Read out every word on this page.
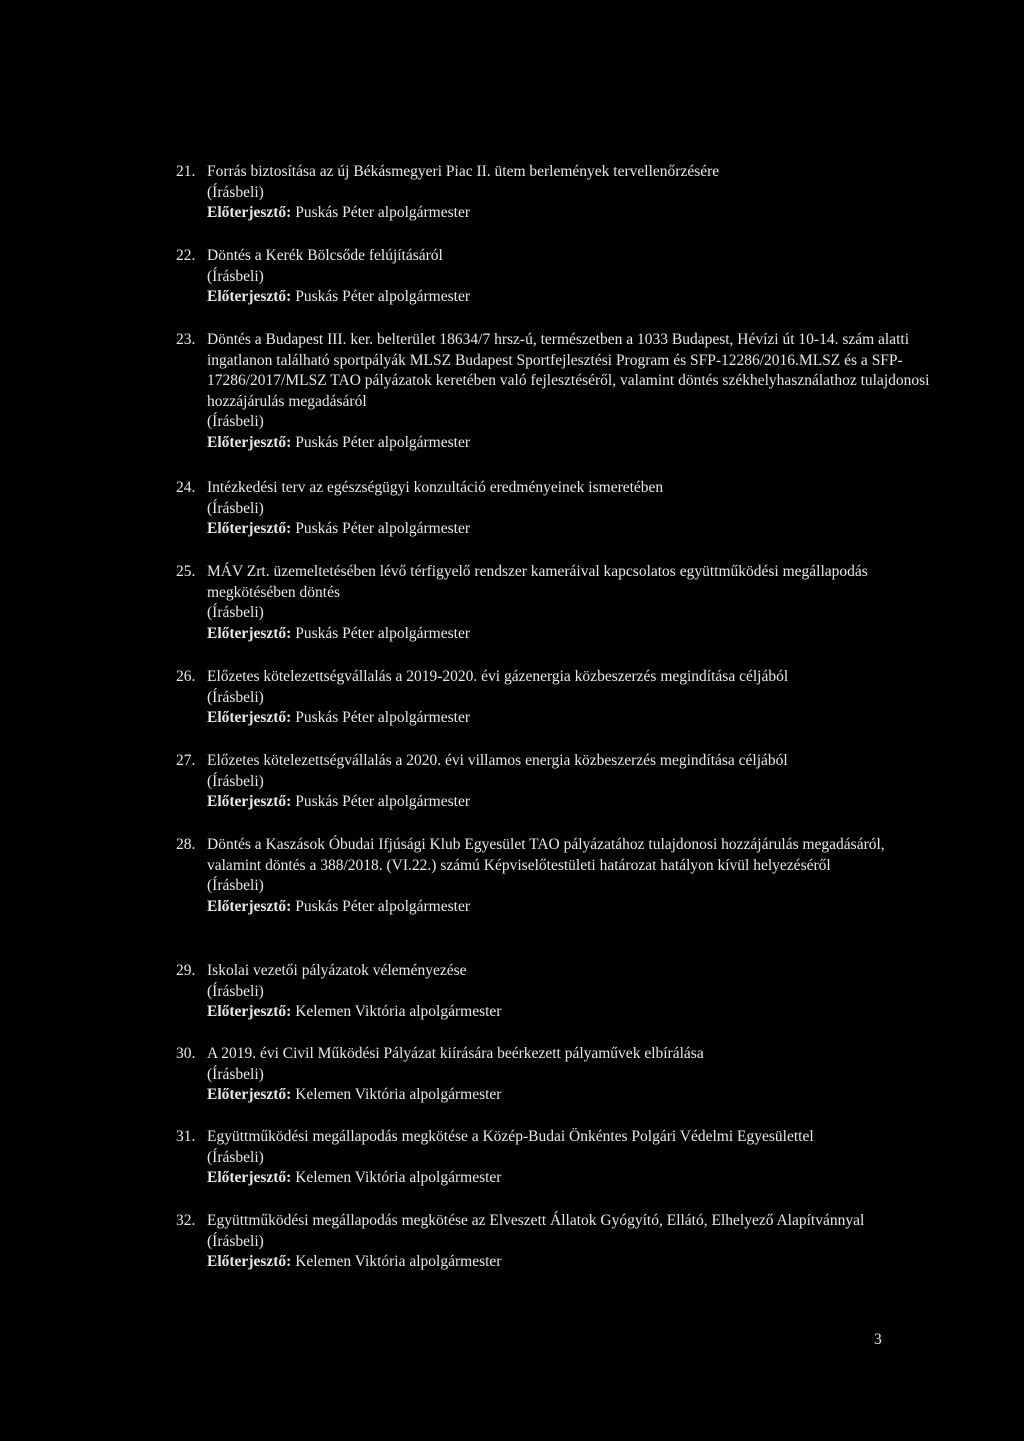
21. Forrás biztosítása az új Békásmegyeri Piac II. ütem berlemények tervellenőrzésére
(Írásbeli)
Előterjesztő: Puskás Péter alpolgármester
22. Döntés a Kerék Bölcsőde felújításáról
(Írásbeli)
Előterjesztő: Puskás Péter alpolgármester
23. Döntés a Budapest III. ker. belterület 18634/7 hrsz-ú, természetben a 1033 Budapest, Hévízi út 10-14. szám alatti ingatlanon található sportpályák MLSZ Budapest Sportfejlesztési Program és SFP-12286/2016.MLSZ és a SFP-17286/2017/MLSZ TAO pályázatok keretében való fejlesztéséről, valamint döntés székhelyhasználathoz tulajdonosi hozzájárulás megadásáról
(Írásbeli)
Előterjesztő: Puskás Péter alpolgármester
24. Intézkedési terv az egészségügyi konzultáció eredményeinek ismeretében
(Írásbeli)
Előterjesztő: Puskás Péter alpolgármester
25. MÁV Zrt. üzemeltetésében lévő térfigyelő rendszer kameráival kapcsolatos együttműködési megállapodás megkötésében döntés
(Írásbeli)
Előterjesztő: Puskás Péter alpolgármester
26. Előzetes kötelezettségvállalás a 2019-2020. évi gázenergia közbeszerzés megindítása céljából
(Írásbeli)
Előterjesztő: Puskás Péter alpolgármester
27. Előzetes kötelezettségvállalás a 2020. évi villamos energia közbeszerzés megindítása céljából
(Írásbeli)
Előterjesztő: Puskás Péter alpolgármester
28. Döntés a Kaszások Óbudai Ifjúsági Klub Egyesület TAO pályázatához tulajdonosi hozzájárulás megadásáról, valamint döntés a 388/2018. (VI.22.) számú Képviselőtestületi határozat hatályon kívül helyezéséről
(Írásbeli)
Előterjesztő: Puskás Péter alpolgármester
29. Iskolai vezetői pályázatok véleményezése
(Írásbeli)
Előterjesztő: Kelemen Viktória alpolgármester
30. A 2019. évi Civil Működési Pályázat kiírására beérkezett pályaművek elbírálása
(Írásbeli)
Előterjesztő: Kelemen Viktória alpolgármester
31. Együttműködési megállapodás megkötése a Közép-Budai Önkéntes Polgári Védelmi Egyesülettel
(Írásbeli)
Előterjesztő: Kelemen Viktória alpolgármester
32. Együttműködési megállapodás megkötése az Elveszett Állatok Gyógyító, Ellátó, Elhelyező Alapítvánnyal
(Írásbeli)
Előterjesztő: Kelemen Viktória alpolgármester
3
